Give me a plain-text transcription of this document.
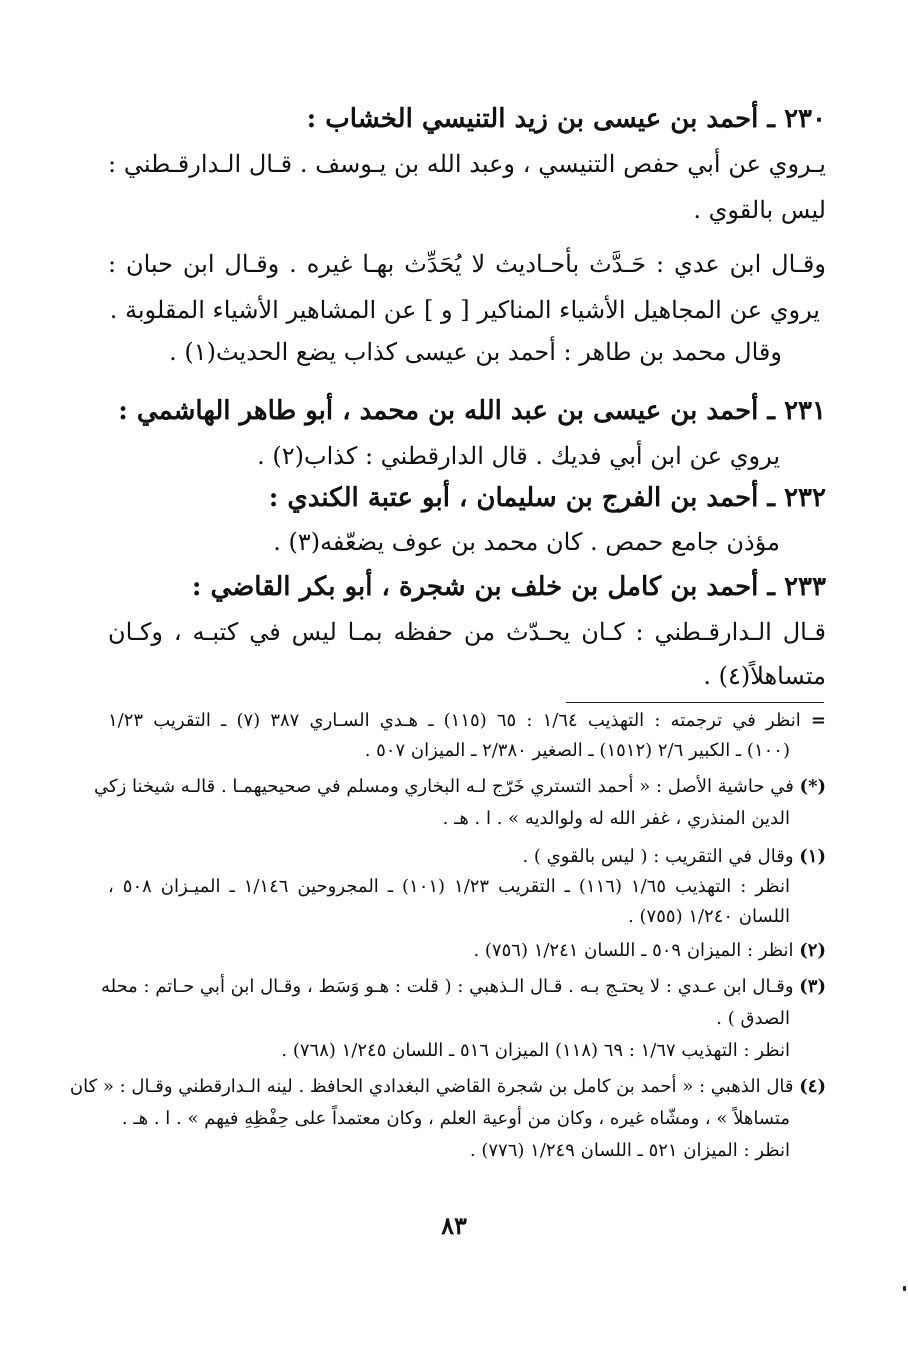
٢٣٠ ـ أحمد بن عيسى بن زيد التنيسي الخشاب :
يـروي عن أبي حفص التنيسي ، وعبد الله بن يـوسف . قـال الـدارقـطني :
ليس بالقوي .
وقـال ابن عدي : حَـدَّث بأحـاديث لا يُحَدِّث بهـا غيره . وقـال ابن حبان :
يروي عن المجاهيل الأشياء المناكير [ و ] عن المشاهير الأشياء المقلوبة .
وقال محمد بن طاهر : أحمد بن عيسى كذاب يضع الحديث(١) .
٢٣١ ـ أحمد بن عيسى بن عبد الله بن محمد ، أبو طاهر الهاشمي :
يروي عن ابن أبي فديك . قال الدارقطني : كذاب(٢) .
٢٣٢ ـ أحمد بن الفرج بن سليمان ، أبو عتبة الكندي :
مؤذن جامع حمص . كان محمد بن عوف يضعّفه(٣) .
٢٣٣ ـ أحمد بن كامل بن خلف بن شجرة ، أبو بكر القاضي :
قـال الـدارقـطني : كـان يحـدّث من حفظه بمـا ليس في كتبـه ، وكـان
متساهلاً(٤) .
= انظر في ترجمته : التهذيب ١/٦٤ : ٦٥ (١١٥) ـ هـدي السـاري ٣٨٧ (٧) ـ التقريب ١/٢٣
(١٠٠) ـ الكبير ٢/٦ (١٥١٢) ـ الصغير ٢/٣٨٠ ـ الميزان ٥٠٧ .
(*) في حاشية الأصل : « أحمد التستري خَرّج لـه البخاري ومسلم في صحيحيهمـا . قالـه شيخنا زكي
الدين المنذري ، غفر الله له ولوالديه » . ا . هـ .
(١) وقال في التقريب : ( ليس بالقوي ) .
انظر : التهذيب ١/٦٥ (١١٦) ـ التقريب ١/٢٣ (١٠١) ـ المجروحين ١/١٤٦ ـ الميـزان ٥٠٨ ،
اللسان ١/٢٤٠ (٧٥٥) .
(٢) انظر : الميزان ٥٠٩ ـ اللسان ١/٢٤١ (٧٥٦) .
(٣) وقـال ابن عـدي : لا يحتـج بـه . قـال الـذهبي : ( قلت : هـو وَسَط ، وقـال ابن أبي حـاتم : محله
الصدق ) .
انظر : التهذيب ١/٦٧ : ٦٩ (١١٨) الميزان ٥١٦ ـ اللسان ١/٢٤٥ (٧٦٨) .
(٤) قال الذهبي : « أحمد بن كامل بن شجرة القاضي البغدادي الحافظ . لينه الـدارقطني وقـال : « كان
متساهلاً » ، ومشّاه غيره ، وكان من أوعية العلم ، وكان معتمداً على حِفْظِهِ فيهم » . ا . هـ .
انظر : الميزان ٥٢١ ـ اللسان ١/٢٤٩ (٧٧٦) .
٨٣
